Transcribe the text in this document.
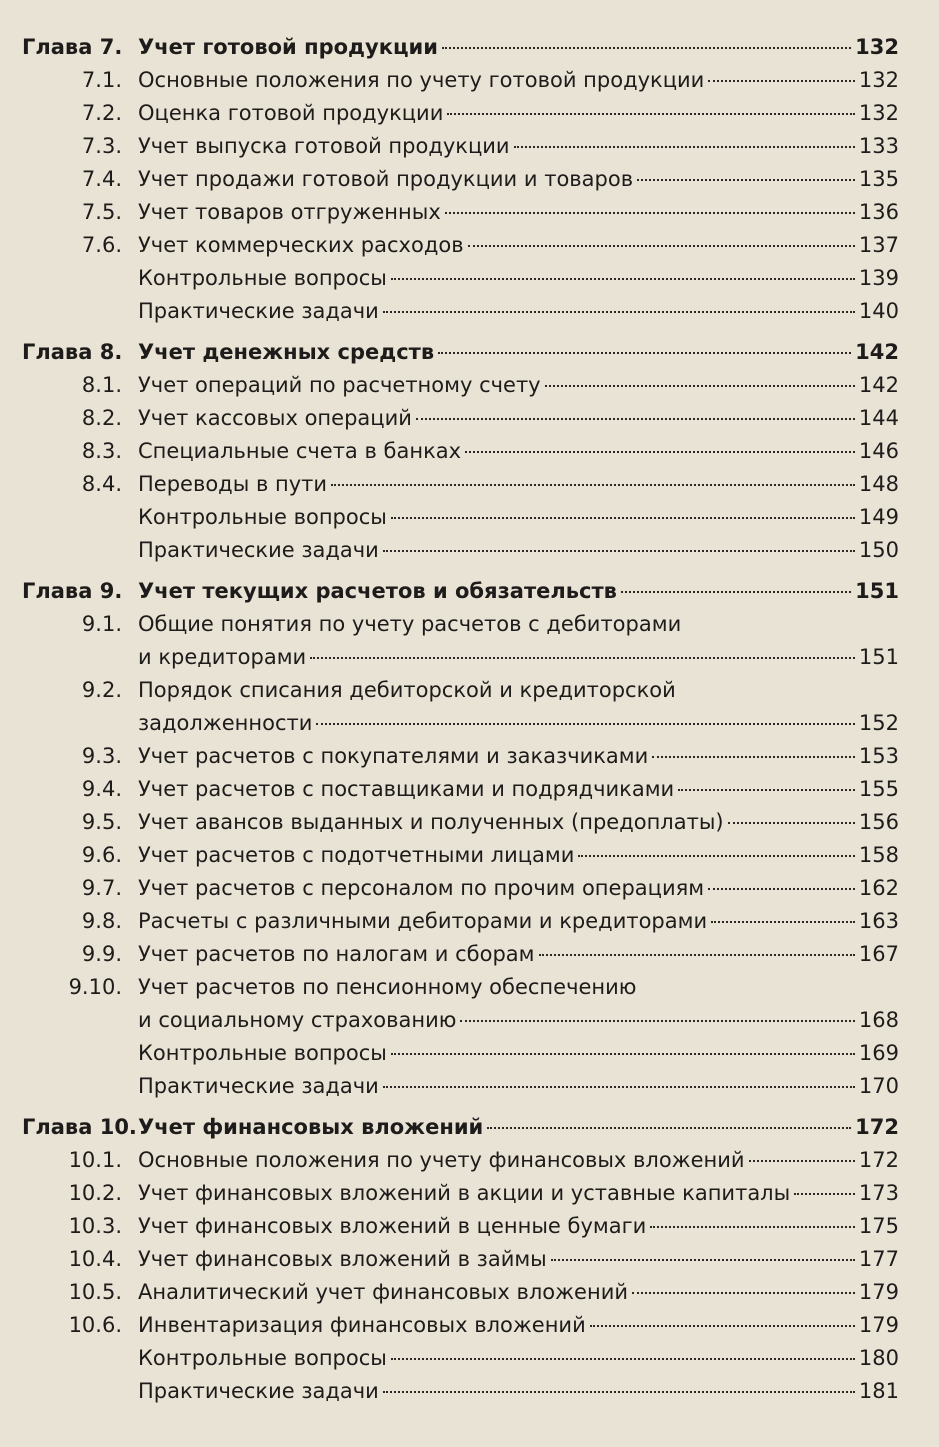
Глава 7. Учет готовой продукции	132
7.1. Основные положения по учету готовой продукции	132
7.2. Оценка готовой продукции	132
7.3. Учет выпуска готовой продукции	133
7.4. Учет продажи готовой продукции и товаров	135
7.5. Учет товаров отгруженных	136
7.6. Учет коммерческих расходов	137
Контрольные вопросы	139
Практические задачи	140
Глава 8. Учет денежных средств	142
8.1. Учет операций по расчетному счету	142
8.2. Учет кассовых операций	144
8.3. Специальные счета в банках	146
8.4. Переводы в пути	148
Контрольные вопросы	149
Практические задачи	150
Глава 9. Учет текущих расчетов и обязательств	151
9.1. Общие понятия по учету расчетов с дебиторами
и кредиторами	151
9.2. Порядок списания дебиторской и кредиторской
задолженности	152
9.3. Учет расчетов с покупателями и заказчиками	153
9.4. Учет расчетов с поставщиками и подрядчиками	155
9.5. Учет авансов выданных и полученных (предоплаты)	156
9.6. Учет расчетов с подотчетными лицами	158
9.7. Учет расчетов с персоналом по прочим операциям	162
9.8. Расчеты с различными дебиторами и кредиторами	163
9.9. Учет расчетов по налогам и сборам	167
9.10. Учет расчетов по пенсионному обеспечению
и социальному страхованию	168
Контрольные вопросы	169
Практические задачи	170
Глава 10. Учет финансовых вложений	172
10.1. Основные положения по учету финансовых вложений	172
10.2. Учет финансовых вложений в акции и уставные капиталы	173
10.3. Учет финансовых вложений в ценные бумаги	175
10.4. Учет финансовых вложений в займы	177
10.5. Аналитический учет финансовых вложений	179
10.6. Инвентаризация финансовых вложений	179
Контрольные вопросы	180
Практические задачи	181
